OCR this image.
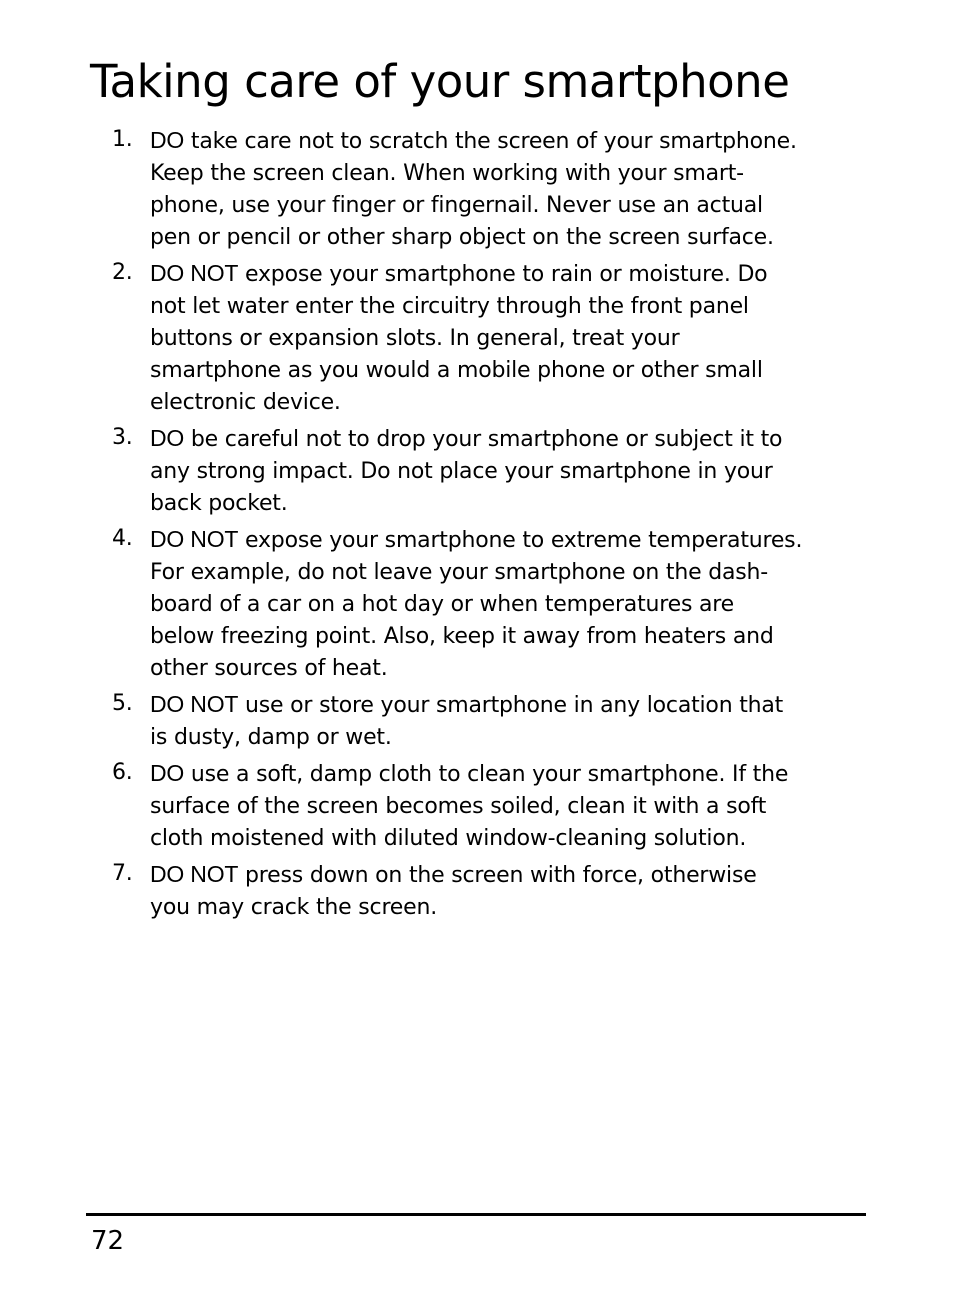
Taking care of your smartphone
1. DO take care not to scratch the screen of your smartphone.
Keep the screen clean. When working with your smart-
phone, use your finger or fingernail. Never use an actual
pen or pencil or other sharp object on the screen surface.
2. DO NOT expose your smartphone to rain or moisture. Do
not let water enter the circuitry through the front panel
buttons or expansion slots. In general, treat your
smartphone as you would a mobile phone or other small
electronic device.
3. DO be careful not to drop your smartphone or subject it to
any strong impact. Do not place your smartphone in your
back pocket.
4. DO NOT expose your smartphone to extreme temperatures.
For example, do not leave your smartphone on the dash-
board of a car on a hot day or when temperatures are
below freezing point. Also, keep it away from heaters and
other sources of heat.
5. DO NOT use or store your smartphone in any location that
is dusty, damp or wet.
6. DO use a soft, damp cloth to clean your smartphone. If the
surface of the screen becomes soiled, clean it with a soft
cloth moistened with diluted window-cleaning solution.
7. DO NOT press down on the screen with force, otherwise
you may crack the screen.
72
